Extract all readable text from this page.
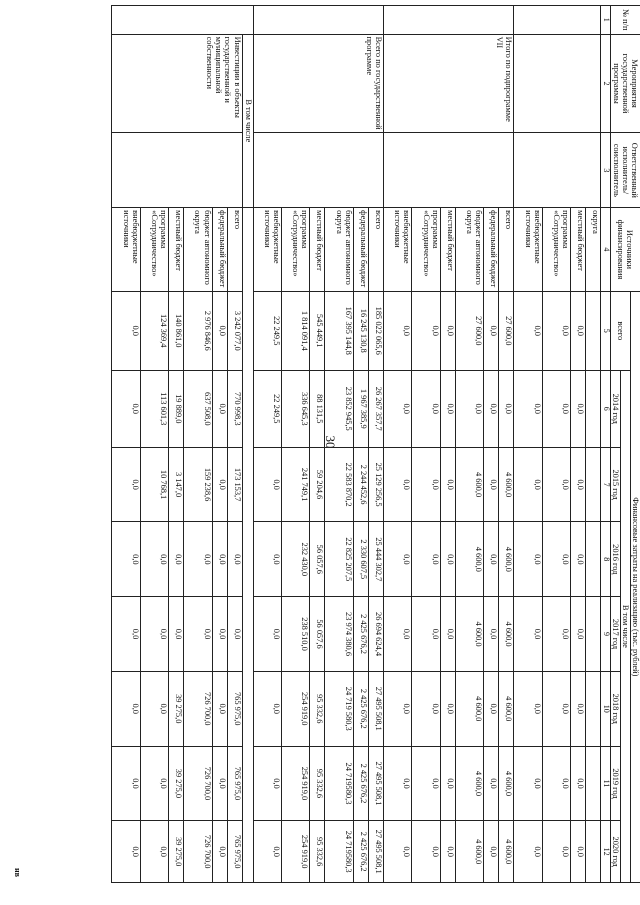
30
нв
№ п/п	Мероприятия государственной программы	Ответственный исполнитель/ соисполнитель	Источники финансирования	Финансовые затраты на реализацию (тыс. рублей)							
				всего	В том числе						
					2014 год	2015 год	2016 год	2017 год	2018 год	2019 год	2020 год
1	2	3	4	5	6	7	8	9	10	11	12
			округа								
			местный бюджет	0,0	0,0	0,0	0,0	0,0	0,0	0,0	0,0
			программа «Сотрудничество»	0,0	0,0	0,0	0,0	0,0	0,0	0,0	0,0
			внебюджетные источники	0,0	0,0	0,0	0,0	0,0	0,0	0,0	0,0
	Итого по подпрограмме VII		всего	27 600,0	0,0	4 600,0	4 600,0	4 600,0	4 600,0	4 600,0	4 600,0
			федеральный бюджет	0,0	0,0	0,0	0,0	0,0	0,0	0,0	0,0
			бюджет автономного округа	27 600,0	0,0	4 600,0	4 600,0	4 600,0	4 600,0	4 600,0	4 600,0
			местный бюджет	0,0	0,0	0,0	0,0	0,0	0,0	0,0	0,0
			программа «Сотрудничество»	0,0	0,0	0,0	0,0	0,0	0,0	0,0	0,0
			внебюджетные источники	0,0	0,0	0,0	0,0	0,0	0,0	0,0	0,0
	Всего по государственной программе		всего	185 022 065,6	26 267 357,7	25 129 256,5	25 444 302,7	26 694 624,4	27 495 508,1	27 495 508,1	27 495 508,1
			федеральный бюджет	16 245 130,8	1 967 385,9	2 244 452,6	2 330 607,5	2 425 676,2	2 425 676,2	2 425 676,2	2 425 676,2
			бюджет автономного округа	167 395 144,8	23 852 945,5	22 583 870,2	22 825 207,5	23 974 380,6	24 719 580,3	24 719580,3	24 719580,3
			местный бюджет	545 449,1	88 131,5	59 204,6	56 057,6	56 057,6	95 332,6	95 332,6	95 332,6
			программа «Сотрудничество»	1 814 091,4	336 645,3	241 749,1	232 430,0	238 510,0	254 919,0	254 919,0	254 919,0
			внебюджетные источники	22 249,5	22 249,5	0,0	0,0	0,0	0,0	0,0	0,0
	В том числе										
	Инвестиции в объекты государственной и муниципальной собственности		всего	3 242 077,0	770 998,3	173 153,7	0,0	0,0	765 975,0	765 975,0	765 975,0
			федеральный бюджет	0,0	0,0	0,0	0,0	0,0	0,0	0,0	0,0
			бюджет автономного округа	2 976 846,6	637 508,0	159 238,6	0,0	0,0	726 700,0	726 700,0	726 700,0
			местный бюджет	140 861,0	19 889,0	3 147,0	0,0	0,0	39 275,0	39 275,0	39 275,0
			программа «Сотрудничество»	124 369,4	113 601,3	10 768,1	0,0	0,0	0,0	0,0	0,0
			внебюджетные источники	0,0	0,0	0,0	0,0	0,0	0,0	0,0	0,0
